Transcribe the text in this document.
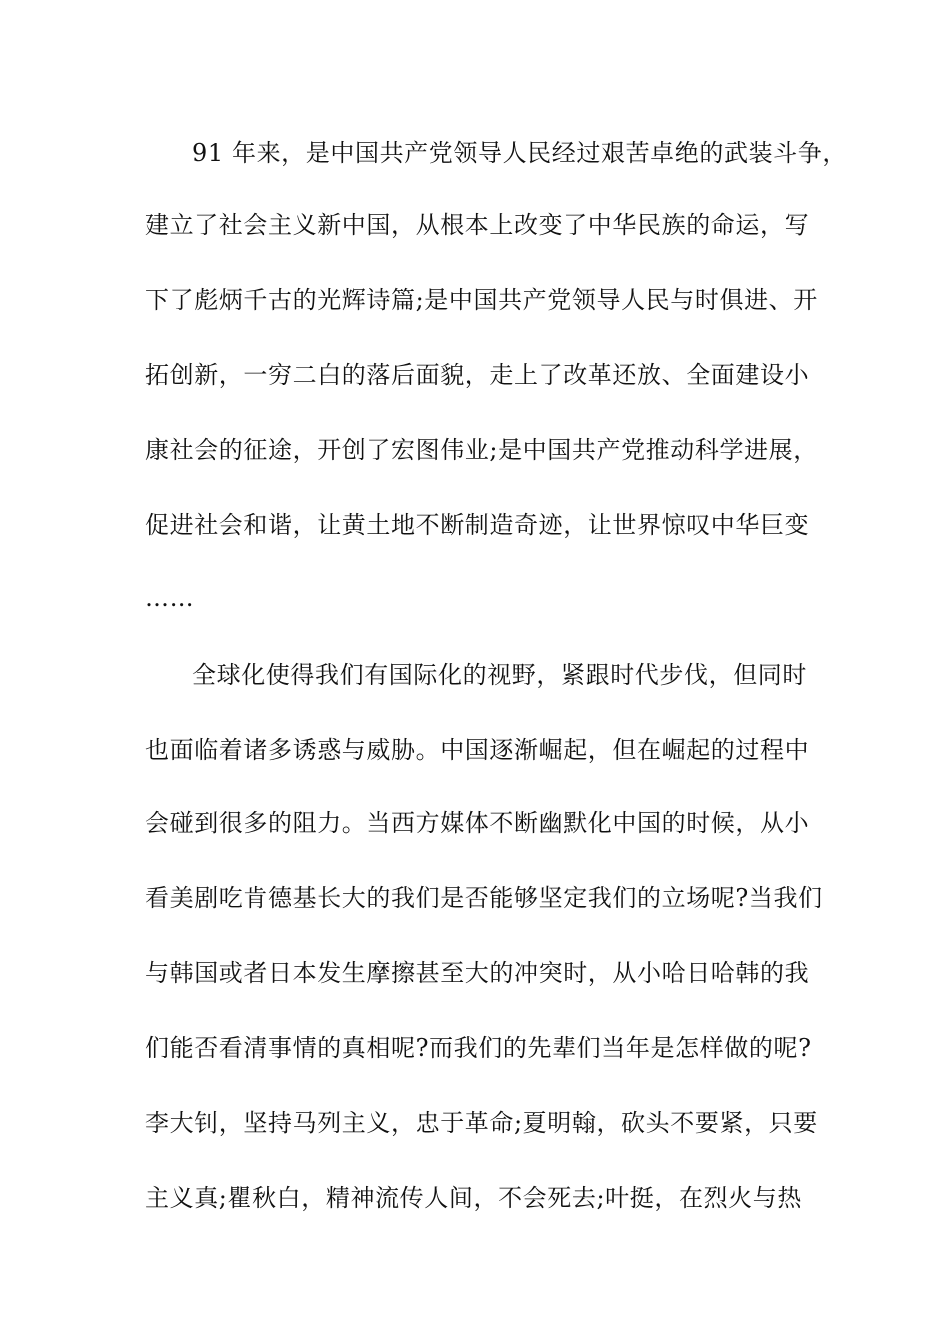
91 年来，是中国共产党领导人民经过艰苦卓绝的武装斗争，
建立了社会主义新中国，从根本上改变了中华民族的命运，写
下了彪炳千古的光辉诗篇;是中国共产党领导人民与时俱进、开
拓创新，一穷二白的落后面貌，走上了改革还放、全面建设小
康社会的征途，开创了宏图伟业;是中国共产党推动科学进展，
促进社会和谐，让黄土地不断制造奇迹，让世界惊叹中华巨变
……
全球化使得我们有国际化的视野，紧跟时代步伐，但同时
也面临着诸多诱惑与威胁。中国逐渐崛起，但在崛起的过程中
会碰到很多的阻力。当西方媒体不断幽默化中国的时候，从小
看美剧吃肯德基长大的我们是否能够坚定我们的立场呢?当我们
与韩国或者日本发生摩擦甚至大的冲突时，从小哈日哈韩的我
们能否看清事情的真相呢?而我们的先辈们当年是怎样做的呢?
李大钊，坚持马列主义，忠于革命;夏明翰，砍头不要紧，只要
主义真;瞿秋白，精神流传人间，不会死去;叶挺，在烈火与热
